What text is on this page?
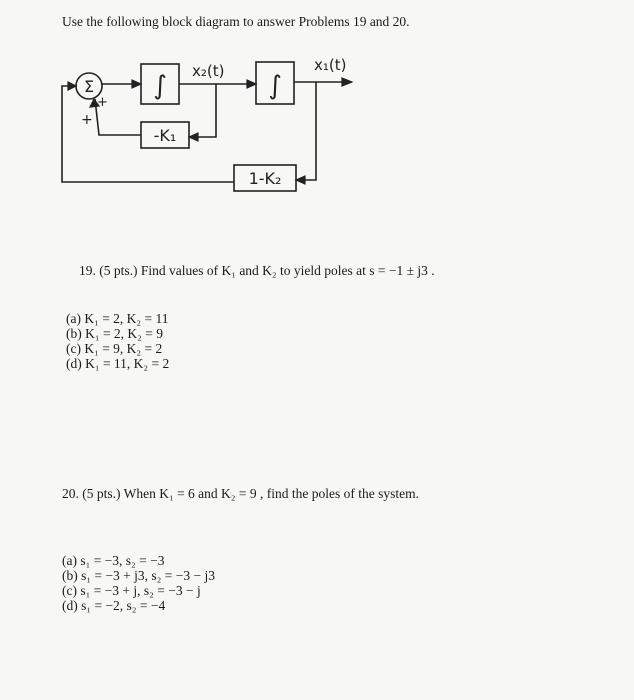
Use the following block diagram to answer Problems 19 and 20.
Σ
+
+
∫	∫
x₂(t)	x₁(t)
-K₁
1-K₂
19. (5 pts.) Find values of K₁ and K₂ to yield poles at s = −1 ± j3 .
(a) K₁ = 2, K₂ = 11
(b) K₁ = 2, K₂ = 9
(c) K₁ = 9, K₂ = 2
(d) K₁ = 11, K₂ = 2
20. (5 pts.) When K₁ = 6 and K₂ = 9 , find the poles of the system.
(a) s₁ = −3, s₂ = −3
(b) s₁ = −3 + j3, s₂ = −3 − j3
(c) s₁ = −3 + j, s₂ = −3 − j
(d) s₁ = −2, s₂ = −4
